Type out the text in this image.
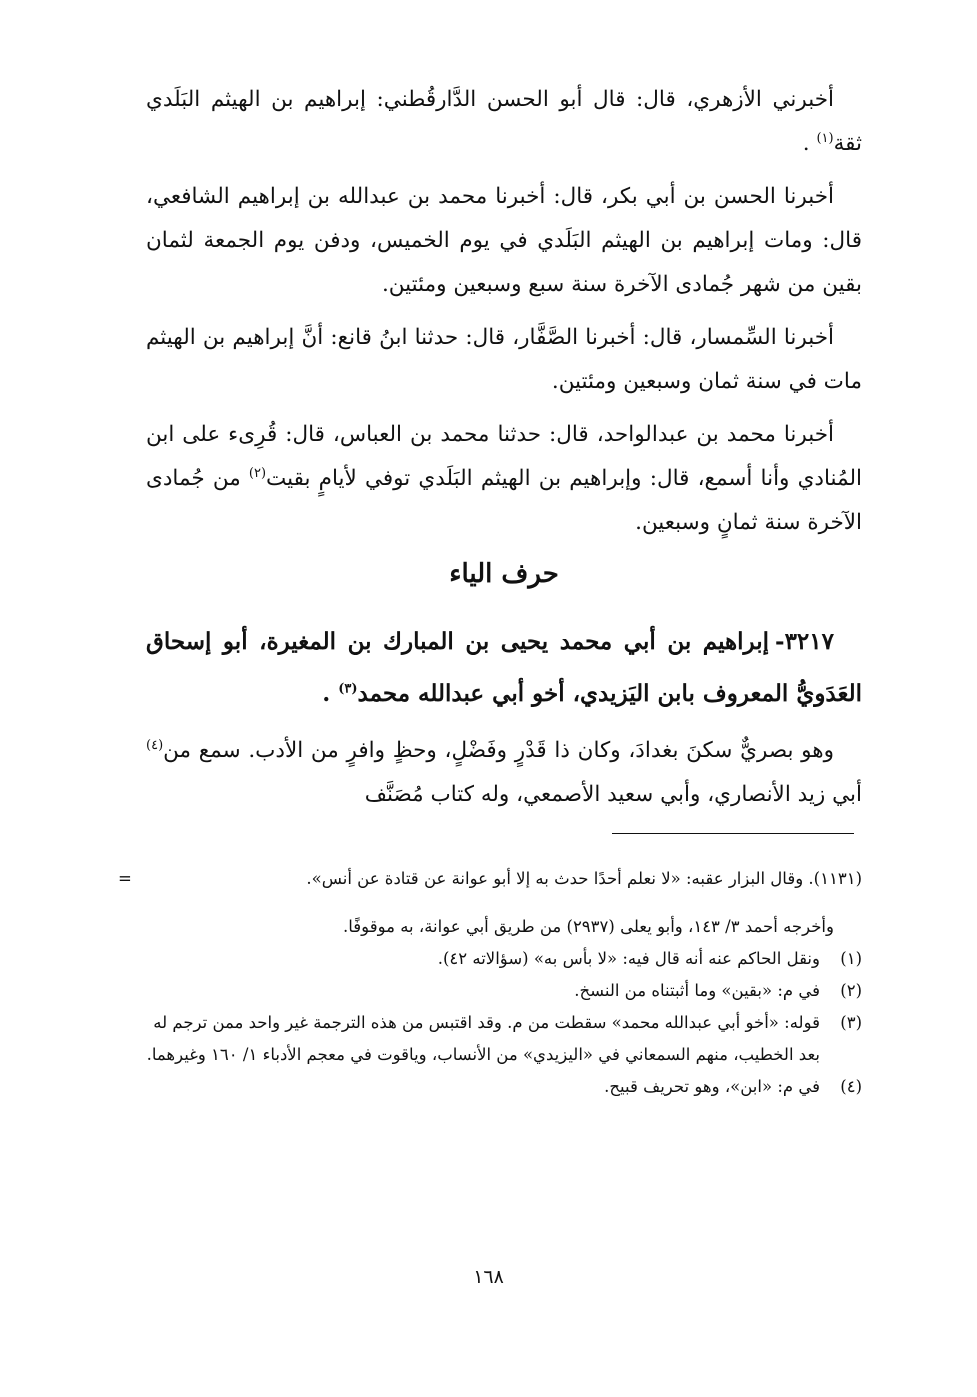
أخبرني الأزهري، قال: قال أبو الحسن الدَّارقُطني: إبراهيم بن الهيثم البَلَدي ثقة$^{(١)}$ .

أخبرنا الحسن بن أبي بكر، قال: أخبرنا محمد بن عبدالله بن إبراهيم الشافعي، قال: ومات إبراهيم بن الهيثم البَلَدي في يوم الخميس، ودفن يوم الجمعة لثمان بقين من شهر جُمادى الآخرة سنة سبع وسبعين ومئتين.

أخبرنا السِّمسار، قال: أخبرنا الصَّفَّار، قال: حدثنا ابنُ قانع: أنَّ إبراهيم بن الهيثم مات في سنة ثمان وسبعين ومئتين.

أخبرنا محمد بن عبدالواحد، قال: حدثنا محمد بن العباس، قال: قُرِىء على ابن المُنادي وأنا أسمع، قال: وإبراهيم بن الهيثم البَلَدي توفي لأيامٍ بقيت$^{(٢)}$ من جُمادى الآخرة سنة ثمانٍ وسبعين.

حرف الياء

٣٢١٧-إبراهيم بن أبي محمد يحيى بن المبارك بن المغيرة، أبو إسحاق العَدَويُّ المعروف بابن اليَزيدي، أخو أبي عبدالله محمد$^{(٣)}$ .

وهو بصريٌّ سكنَ بغدادَ، وكان ذا قَدْرٍ وفَضْلٍ، وحظٍ وافرٍ من الأدب. سمع من$^{(٤)}$ أبي زيد الأنصاري، وأبي سعيد الأصمعي، وله كتاب مُصَنَّف

=	(١١٣١). وقال البزار عقبه: «لا نعلم أحدًا حدث به إلا أبو عوانة عن قتادة عن أنس».

وأخرجه أحمد ٣/ ١٤٣، وأبو يعلى (٢٩٣٧) من طريق أبي عوانة، به موقوفًا.

(١)
ونقل الحاكم عنه أنه قال فيه: «لا بأس به» (سؤالاته ٤٢).
(٢)
في م: «بقين» وما أثبتناه من النسخ.
(٣)
قوله: «أخو أبي عبدالله محمد» سقطت من م. وقد اقتبس من هذه الترجمة غير واحد ممن ترجم له بعد الخطيب، منهم السمعاني في «اليزيدي» من الأنساب، وياقوت في معجم الأدباء ١/ ١٦٠ وغيرهما.
(٤)
في م: «ابن»، وهو تحريف قبيح.
١٦٨
